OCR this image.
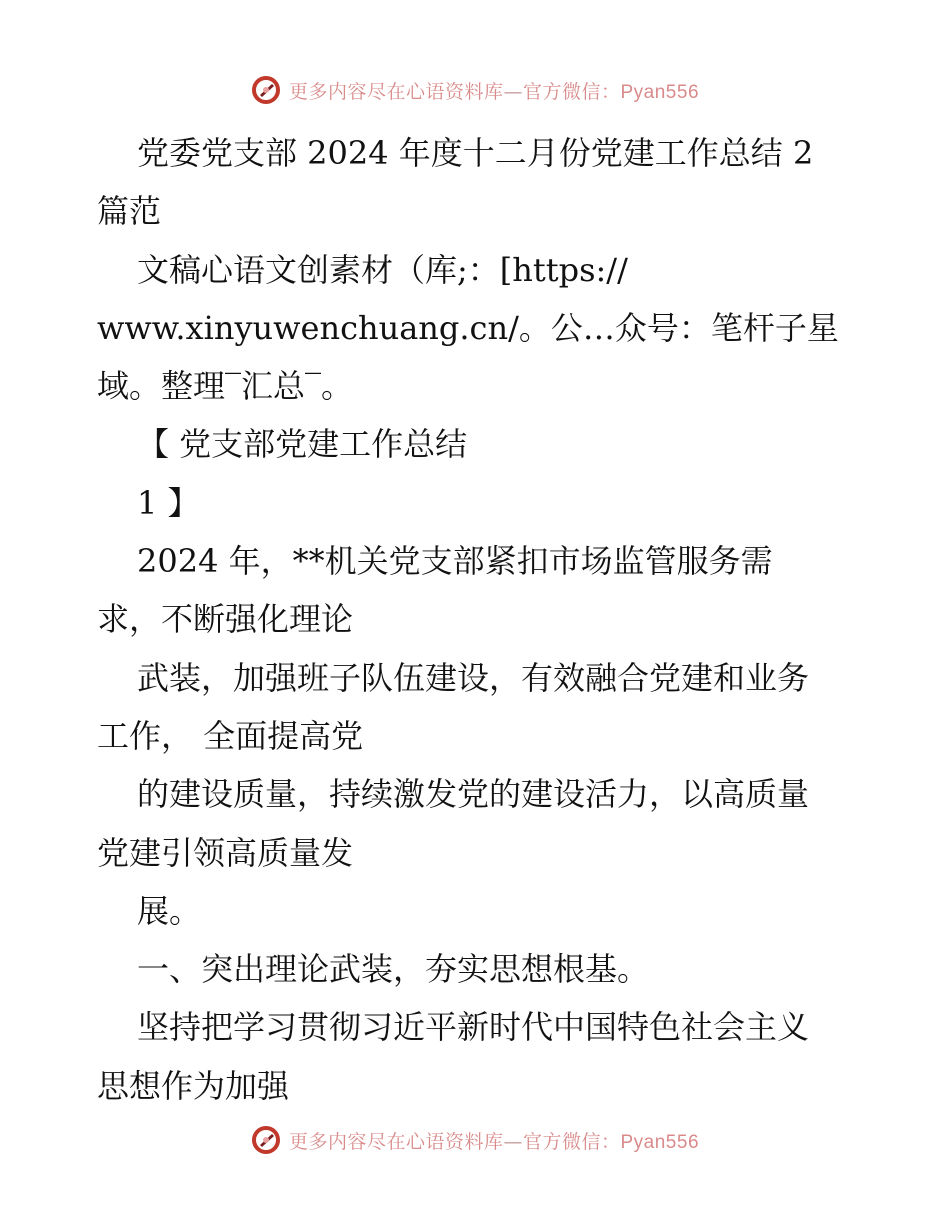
更多内容尽在心语资料库—官方微信：Pyan556
党委党支部 2024 年度十二月份党建工作总结 2
篇范
文稿心语文创素材（库;：[https://
www.xinyuwenchuang.cn/。公…众号：笔杆子星
域。整理‾汇总‾。
【 党支部党建工作总结
1 】
2024 年，**机关党支部紧扣市场监管服务需
求，不断强化理论
武装，加强班子队伍建设，有效融合党建和业务
工作， 全面提高党
的建设质量，持续激发党的建设活力，以高质量
党建引领高质量发
展。
一、突出理论武装，夯实思想根基。
坚持把学习贯彻习近平新时代中国特色社会主义
思想作为加强
更多内容尽在心语资料库—官方微信：Pyan556
